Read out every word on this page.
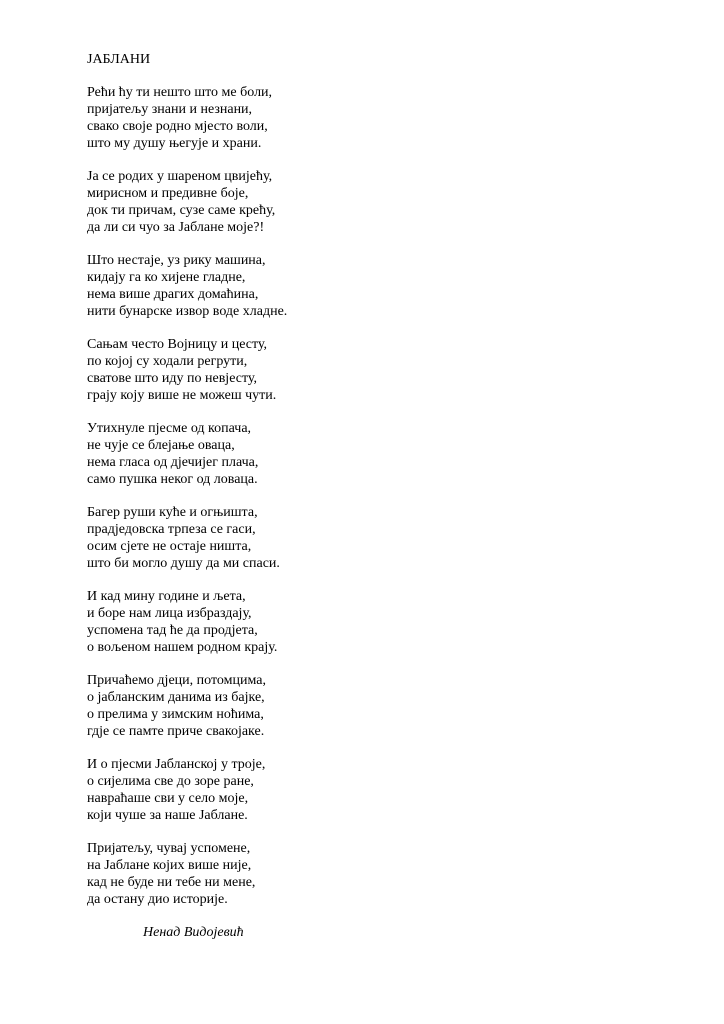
ЈАБЛАНИ
Рећи ћу ти нешто што ме боли,
пријатељу знани и незнани,
свако своје родно мјесто воли,
што му душу његује и храни.
Ја се родих у шареном цвијећу,
мирисном и предивне боје,
док ти причам, сузе саме крећу,
да ли си чуо за Јаблане моје?!
Што нестаје, уз рику машина,
кидају га ко хијене гладне,
нема више драгих домаћина,
нити бунарске извор воде хладне.
Сањам често Војницу и цесту,
по којој су ходали регрути,
сватове што иду по невјесту,
граjу коју више не можеш чути.
Утихнуле пјесме од копача,
не чује се блејање оваца,
нема гласа од дјечијег плача,
само пушка неког од ловаца.
Багер руши куће и огњишта,
прадједовска трпеза се гаси,
осим сјете не остаје ништа,
што би могло душу да ми спаси.
И кад мину године и љета,
и боре нам лица избраздају,
успомена тад ће да продјета,
о вољеном нашем родном крају.
Причаћемо дјеци, потомцима,
о јабланским данима из бајке,
о прелима у зимским ноћима,
гдје се памте приче свакојаке.
И о пјесми Јабланској у троје,
о сијелима све до зоре ране,
навраћаше сви у село моје,
који чуше за наше Јаблане.
Пријатељу, чувај успомене,
на Јаблане којих више није,
кад не буде ни тебе ни мене,
да остану дио историје.
Ненад Видојевић
